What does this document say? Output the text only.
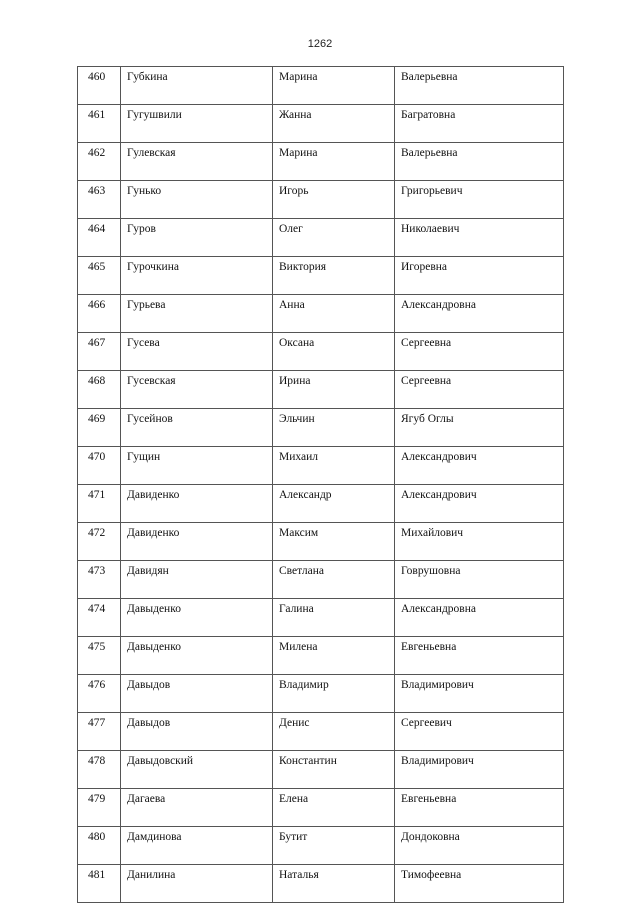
1262
460	Губкина	Марина	Валерьевна
461	Гугушвили	Жанна	Багратовна
462	Гулевская	Марина	Валерьевна
463	Гунько	Игорь	Григорьевич
464	Гуров	Олег	Николаевич
465	Гурочкина	Виктория	Игоревна
466	Гурьева	Анна	Александровна
467	Гусева	Оксана	Сергеевна
468	Гусевская	Ирина	Сергеевна
469	Гусейнов	Эльчин	Ягуб Оглы
470	Гущин	Михаил	Александрович
471	Давиденко	Александр	Александрович
472	Давиденко	Максим	Михайлович
473	Давидян	Светлана	Говрушовна
474	Давыденко	Галина	Александровна
475	Давыденко	Милена	Евгеньевна
476	Давыдов	Владимир	Владимирович
477	Давыдов	Денис	Сергеевич
478	Давыдовский	Константин	Владимирович
479	Дагаева	Елена	Евгеньевна
480	Дамдинова	Бутит	Дондоковна
481	Данилина	Наталья	Тимофеевна
